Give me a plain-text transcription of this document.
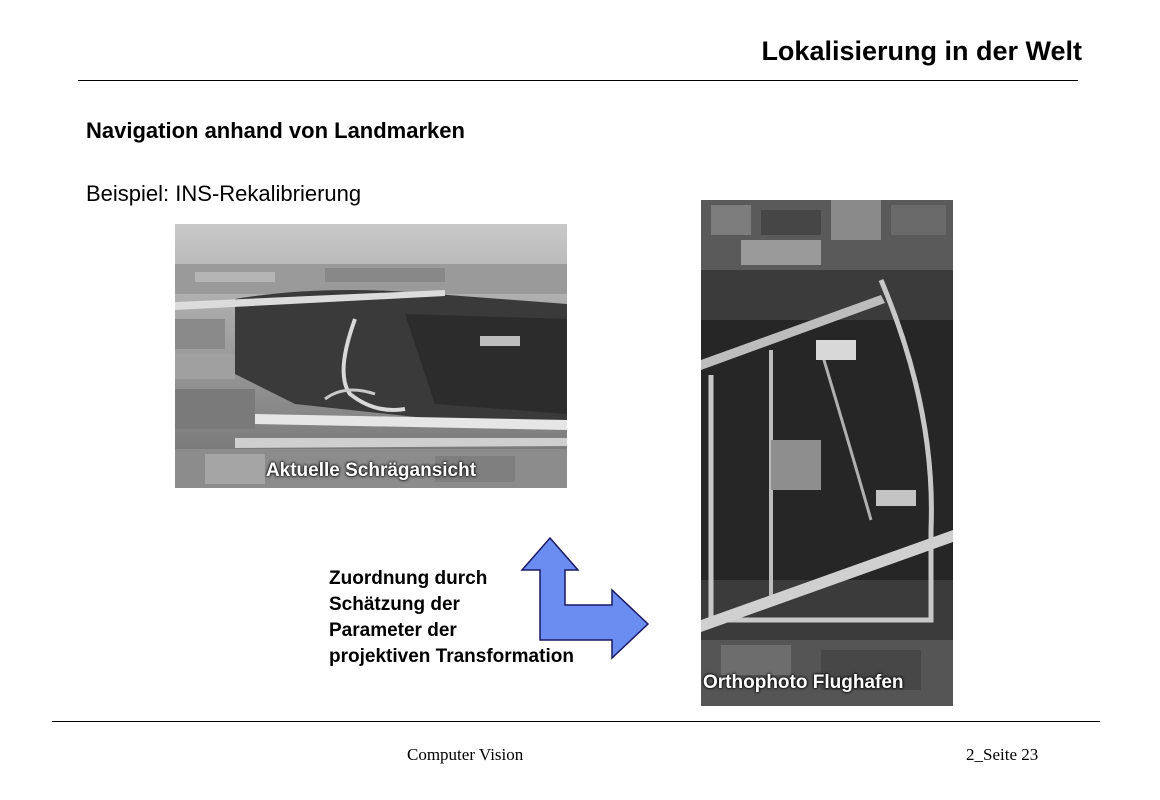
Lokalisierung in der Welt
Navigation anhand von Landmarken
Beispiel: INS-Rekalibrierung
Aktuelle Schrägansicht
Orthophoto Flughafen
Zuordnung durch
Schätzung der
Parameter der
projektiven Transformation
Computer Vision	2_Seite 23
